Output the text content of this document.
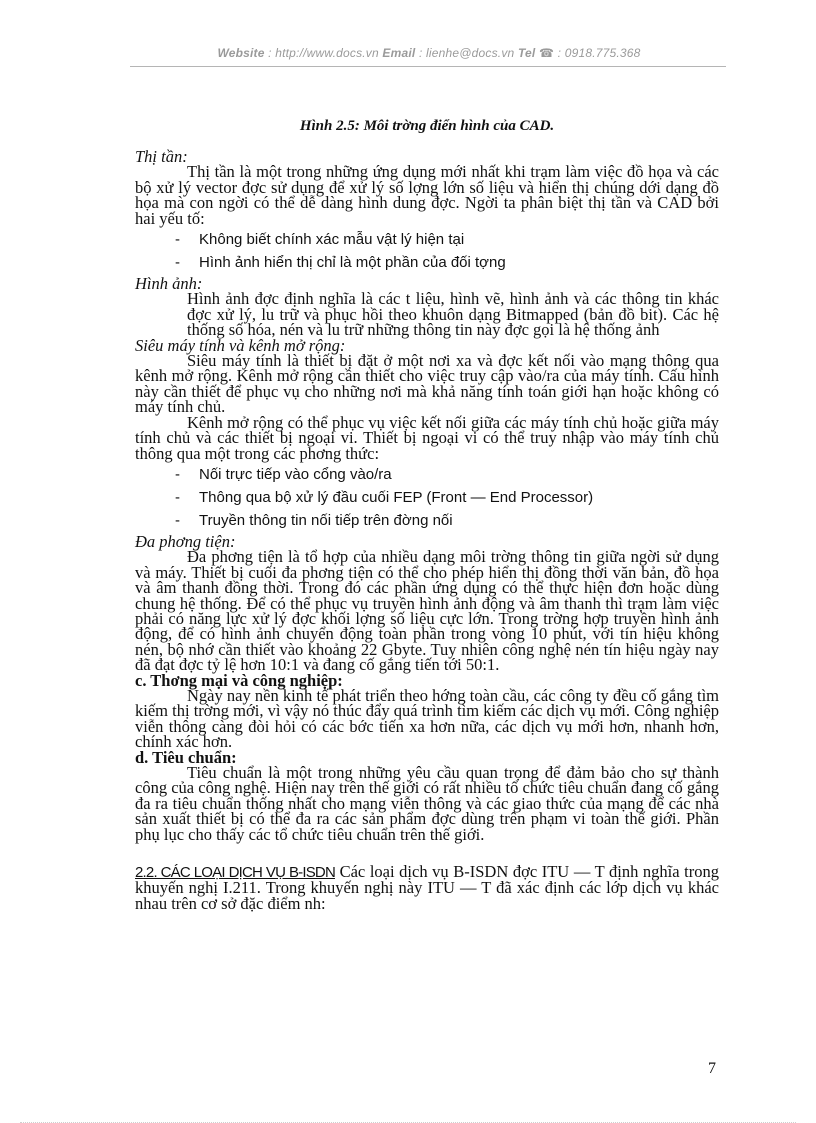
Website : http://www.docs.vn Email : lienhe@docs.vn Tel ☎ : 0918.775.368

Hình 2.5: Môi trờng điển hình của CAD.

Thị tần:

Thị tần là một trong những ứng dụng mới nhất khi trạm làm việc đồ họa và các bộ xử lý vector đợc sử dụng để xử lý số lợng lớn số liệu và hiển thị chúng dới dạng đồ họa mà con ngời có thể dễ dàng hình dung đợc. Ngời ta phân biệt thị tần và CAD bởi hai yếu tố:

- Không biết chính xác mẫu vật lý hiện tại
- Hình ảnh hiển thị chỉ là một phần của đối tợng

Hình ảnh:

Hình ảnh đợc định nghĩa là các t liệu, hình vẽ, hình ảnh và các thông tin khác đợc xử lý, lu trữ và phục hồi theo khuôn dạng Bitmapped (bản đồ bit). Các hệ thống số hóa, nén và lu trữ những thông tin này đợc gọi là hệ thống ảnh

Siêu máy tính và kênh mở rộng:

Siêu máy tính là thiết bị đặt ở một nơi xa và đợc kết nối vào mạng thông qua kênh mở rộng. Kênh mở rộng cần thiết cho việc truy cập vào/ra của máy tính. Cấu hình này cần thiết để phục vụ cho những nơi mà khả năng tính toán giới hạn hoặc không có máy tính chủ.

Kênh mở rộng có thể phục vụ việc kết nối giữa các máy tính chủ hoặc giữa máy tính chủ và các thiết bị ngoại vi. Thiết bị ngoại vi có thể truy nhập vào máy tính chủ thông qua một trong các phơng thức:

- Nối trực tiếp vào cổng vào/ra
- Thông qua bộ xử lý đầu cuối FEP (Front — End Processor)
- Truyền thông tin nối tiếp trên đờng nối

Đa phơng tiện:

Đa phơng tiện là tổ hợp của nhiều dạng môi trờng thông tin giữa ngời sử dụng và máy. Thiết bị cuối đa phơng tiện có thể cho phép hiển thị đồng thời văn bản, đồ họa và âm thanh đồng thời. Trong đó các phần ứng dụng có thể thực hiện đơn hoặc dùng chung hệ thống. Để có thể phục vụ truyền hình ảnh động và âm thanh thì trạm làm việc phải có năng lực xử lý đợc khối lợng số liệu cực lớn. Trong trờng hợp truyền hình ảnh động, để có hình ảnh chuyển động toàn phần trong vòng 10 phút, với tín hiệu không nén, bộ nhớ cần thiết vào khoảng 22 Gbyte. Tuy nhiên công nghệ nén tín hiệu ngày nay đã đạt đợc tỷ lệ hơn 10:1 và đang cố gắng tiến tới 50:1.

c. Thơng mại và công nghiệp:

Ngày nay nền kinh tế phát triển theo hớng toàn cầu, các công ty đều cố gắng tìm kiếm thị trờng mới, vì vậy nó thúc đẩy quá trình tìm kiếm các dịch vụ mới. Công nghiệp viễn thông càng đòi hỏi có các bớc tiến xa hơn nữa, các dịch vụ mới hơn, nhanh hơn, chính xác hơn.

d. Tiêu chuẩn:

Tiêu chuẩn là một trong những yêu cầu quan trọng để đảm bảo cho sự thành công của công nghệ. Hiện nay trên thế giới có rất nhiều tổ chức tiêu chuẩn đang cố gắng đa ra tiêu chuẩn thống nhất cho mạng viễn thông và các giao thức của mạng để các nhà sản xuất thiết bị có thể đa ra các sản phẩm đợc dùng trên phạm vi toàn thế giới. Phần phụ lục cho thấy các tổ chức tiêu chuẩn trên thế giới.

2.2. CÁC LOẠI DỊCH VỤ B-ISDN Các loại dịch vụ B-ISDN đợc ITU — T định nghĩa trong khuyến nghị I.211. Trong khuyến nghị này ITU — T đã xác định các lớp dịch vụ khác nhau trên cơ sở đặc điểm nh:

7
